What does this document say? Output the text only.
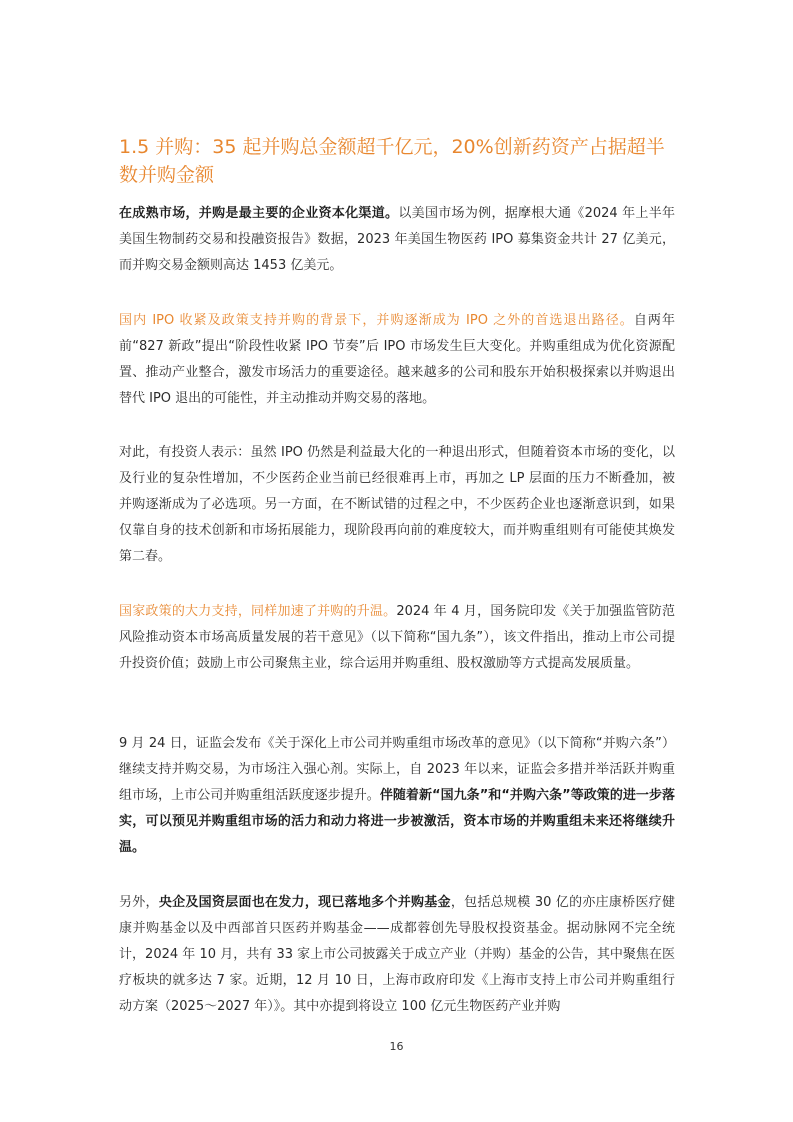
1.5 并购：35 起并购总金额超千亿元，20%创新药资产占据超半数并购金额

在成熟市场，并购是最主要的企业资本化渠道。以美国市场为例，据摩根大通《2024 年上半年美国生物制药交易和投融资报告》数据，2023 年美国生物医药 IPO 募集资金共计 27 亿美元，而并购交易金额则高达 1453 亿美元。

国内 IPO 收紧及政策支持并购的背景下，并购逐渐成为 IPO 之外的首选退出路径。自两年前“827 新政”提出“阶段性收紧 IPO 节奏”后 IPO 市场发生巨大变化。并购重组成为优化资源配置、推动产业整合，激发市场活力的重要途径。越来越多的公司和股东开始积极探索以并购退出替代 IPO 退出的可能性，并主动推动并购交易的落地。

对此，有投资人表示：虽然 IPO 仍然是利益最大化的一种退出形式，但随着资本市场的变化，以及行业的复杂性增加，不少医药企业当前已经很难再上市，再加之 LP 层面的压力不断叠加，被并购逐渐成为了必选项。另一方面，在不断试错的过程之中，不少医药企业也逐渐意识到，如果仅靠自身的技术创新和市场拓展能力，现阶段再向前的难度较大，而并购重组则有可能使其焕发第二春。

国家政策的大力支持，同样加速了并购的升温。2024 年 4 月，国务院印发《关于加强监管防范风险推动资本市场高质量发展的若干意见》（以下简称“国九条”），该文件指出，推动上市公司提升投资价值；鼓励上市公司聚焦主业，综合运用并购重组、股权激励等方式提高发展质量。

9 月 24 日，证监会发布《关于深化上市公司并购重组市场改革的意见》（以下简称“并购六条”）继续支持并购交易，为市场注入强心剂。实际上，自 2023 年以来，证监会多措并举活跃并购重组市场，上市公司并购重组活跃度逐步提升。伴随着新“国九条”和“并购六条”等政策的进一步落实，可以预见并购重组市场的活力和动力将进一步被激活，资本市场的并购重组未来还将继续升温。

另外，央企及国资层面也在发力，现已落地多个并购基金，包括总规模 30 亿的亦庄康桥医疗健康并购基金以及中西部首只医药并购基金——成都蓉创先导股权投资基金。据动脉网不完全统计，2024 年 10 月，共有 33 家上市公司披露关于成立产业（并购）基金的公告，其中聚焦在医疗板块的就多达 7 家。近期，12 月 10 日，上海市政府印发《上海市支持上市公司并购重组行动方案（2025～2027 年）》。其中亦提到将设立 100 亿元生物医药产业并购

16
